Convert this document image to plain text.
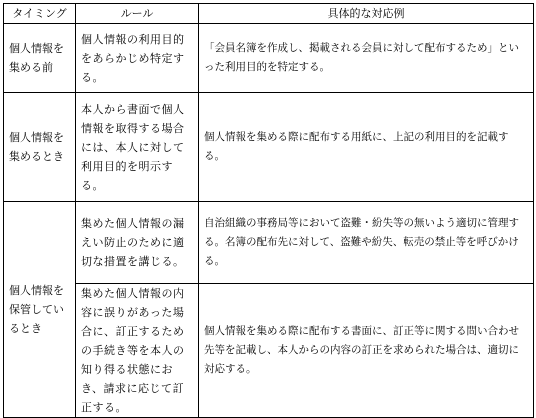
タイミング	ルール	具体的な対応例
個人情報を集める前	個人情報の利用目的をあらかじめ特定する。	「会員名簿を作成し、掲載される会員に対して配布するため」といった利用目的を特定する。
個人情報を集めるとき	本人から書面で個人情報を取得する場合には、本人に対して利用目的を明示する。	個人情報を集める際に配布する用紙に、上記の利用目的を記載する。
個人情報を保管しているとき	集めた個人情報の漏えい防止のために適切な措置を講じる。	自治組織の事務局等において盗難・紛失等の無いよう適切に管理する。名簿の配布先に対して、盗難や紛失、転売の禁止等を呼びかける。
	集めた個人情報の内容に誤りがあった場合に、訂正するための手続き等を本人の知り得る状態におき、請求に応じて訂正する。	個人情報を集める際に配布する書面に、訂正等に関する問い合わせ先等を記載し、本人からの内容の訂正を求められた場合は、適切に対応する。
